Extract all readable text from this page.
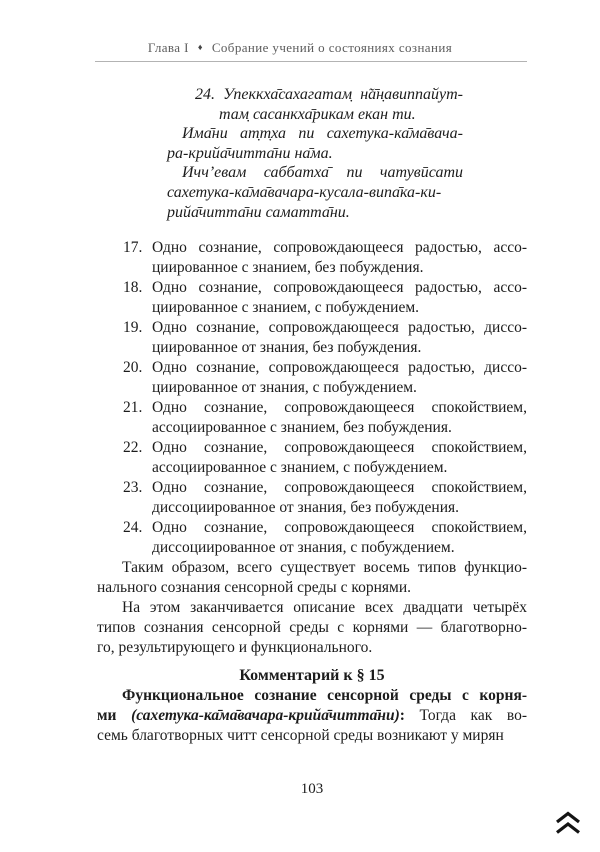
Глава I ♦ Собрание учений о состояниях сознания
24. Упеккха̄сахагатам̣ н̃а̄н̣авиппайут-
там̣ сасанкха̄рикам екан ти.
Има̄ни ат̣т̣ха пи сахетука-ка̄ма̄вача-
ра-крийа̄читта̄ни на̄ма.
Ичч’евам саббатха̄ пи чатувӣсати
сахетука-ка̄ма̄вачара-кусала-випа̄ка-ки-
рийа̄читта̄ни саматта̄ни.
17. Одно сознание, сопровождающееся радостью, ассо-
циированное с знанием, без побуждения.
18. Одно сознание, сопровождающееся радостью, ассо-
циированное с знанием, с побуждением.
19. Одно сознание, сопровождающееся радостью, диссо-
циированное от знания, без побуждения.
20. Одно сознание, сопровождающееся радостью, диссо-
циированное от знания, с побуждением.
21. Одно сознание, сопровождающееся спокойствием,
ассоциированное с знанием, без побуждения.
22. Одно сознание, сопровождающееся спокойствием,
ассоциированное с знанием, с побуждением.
23. Одно сознание, сопровождающееся спокойствием,
диссоциированное от знания, без побуждения.
24. Одно сознание, сопровождающееся спокойствием,
диссоциированное от знания, с побуждением.
Таким образом, всего существует восемь типов функцио-
нального сознания сенсорной среды с корнями.
На этом заканчивается описание всех двадцати четырёх
типов сознания сенсорной среды с корнями — благотворно-
го, результирующего и функционального.
Комментарий к § 15
Функциональное сознание сенсорной среды с корня-
ми (сахетука-ка̄ма̄вачара-крийа̄читта̄ни): Тогда как во-
семь благотворных читт сенсорной среды возникают у мирян
103
